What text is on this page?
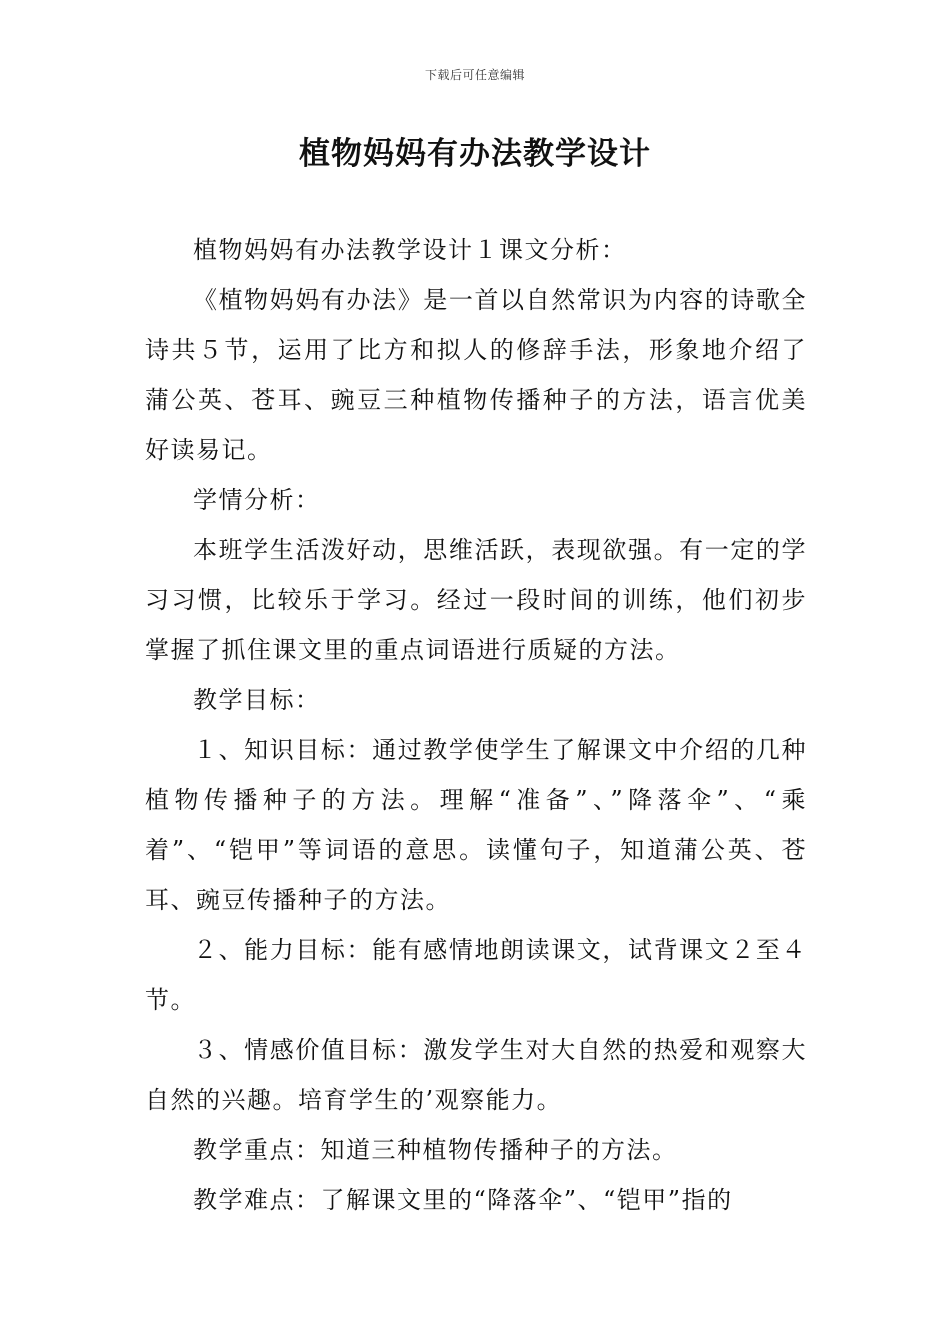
下载后可任意编辑
植物妈妈有办法教学设计

植物妈妈有办法教学设计１课文分析：

《植物妈妈有办法》是一首以自然常识为内容的诗歌全诗共５节，运用了比方和拟人的修辞手法，形象地介绍了蒲公英、苍耳、豌豆三种植物传播种子的方法，语言优美好读易记。

学情分析：

本班学生活泼好动，思维活跃，表现欲强。有一定的学习习惯，比较乐于学习。经过一段时间的训练，他们初步掌握了抓住课文里的重点词语进行质疑的方法。

教学目标：

１、知识目标：通过教学使学生了解课文中介绍的几种植物传播种子的方法。理解“准备”、”降落伞”、“乘着”、“铠甲”等词语的意思。读懂句子，知道蒲公英、苍耳、豌豆传播种子的方法。

２、能力目标：能有感情地朗读课文，试背课文２至４节。

３、情感价值目标：激发学生对大自然的热爱和观察大自然的兴趣。培育学生的’观察能力。

教学重点：知道三种植物传播种子的方法。

教学难点：了解课文里的“降落伞”、“铠甲”指的
